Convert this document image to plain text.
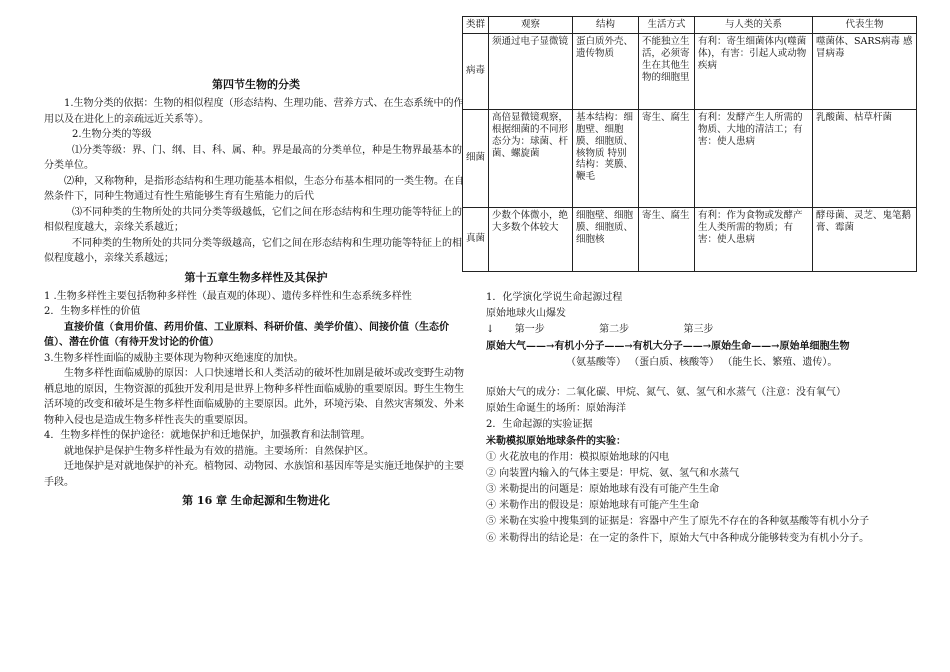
类群	观察	结构	生活方式	与人类的关系	代表生物
病毒	须通过电子显微镜	蛋白质外壳、遗传物质	不能独立生活，必须寄生在其他生物的细胞里	有利：寄生细菌体内(噬菌体)，有害：引起人或动物疾病	噬菌体、SARS病毒 感冒病毒
细菌	高倍显微镜观察，根据细菌的不同形态分为：球菌、杆菌、螺旋菌	基本结构：细胞壁、细胞膜、细胞质、核物质 特别结构：荚膜、鞭毛	寄生、腐生	有利：发酵产生人所需的物质、大地的清洁工；有害：使人患病	乳酸菌、枯草杆菌
真菌	少数个体微小，绝大多数个体较大	细胞壁、细胞膜、细胞质、细胞核	寄生、腐生	有利：作为食物或发酵产生人类所需的物质；有害：使人患病	酵母菌、灵芝、鬼笔鹅膏、霉菌
第四节生物的分类

1.生物分类的依据：生物的相似程度（形态结构、生理功能、营养方式、在生态系统中的作用以及在进化上的亲疏远近关系等）。

2.生物分类的等级

⑴分类等级：界、门、纲、目、科、属、种。界是最高的分类单位，种是生物界最基本的分类单位。

⑵种，又称物种，是指形态结构和生理功能基本相似，生态分布基本相同的一类生物。在自然条件下，同种生物通过有性生殖能够生育有生殖能力的后代

⑶不同种类的生物所处的共同分类等级越低，它们之间在形态结构和生理功能等特征上的相似程度越大，亲缘关系越近；

不同种类的生物所处的共同分类等级越高，它们之间在形态结构和生理功能等特征上的相似程度越小，亲缘关系越远；

第十五章生物多样性及其保护

1 .生物多样性主要包括物种多样性（最直观的体现）、遗传多样性和生态系统多样性

2．生物多样性的价值

直接价值（食用价值、药用价值、工业原料、科研价值、美学价值）、间接价值（生态价值）、潜在价值（有待开发讨论的价值）

3.生物多样性面临的威胁主要体现为物种灭绝速度的加快。

生物多样性面临威胁的原因：人口快速增长和人类活动的破坏性加剧是破坏或改变野生动物栖息地的原因，生物资源的孤独开发利用是世界上物种多样性面临威胁的重要原因。野生生物生活环境的改变和破坏是生物多样性面临威胁的主要原因。此外，环境污染、自然灾害频发、外来物种入侵也是造成生物多样性丧失的重要原因。

4．生物多样性的保护途径：就地保护和迁地保护，加强教育和法制管理。

就地保护是保护生物多样性最为有效的措施。主要场所：自然保护区。

迁地保护是对就地保护的补充。植物园、动物园、水族馆和基因库等是实施迁地保护的主要手段。

第 16 章 生命起源和生物进化

1．化学演化学说生命起源过程

原始地球火山爆发

↓ 第一步	第二步	第三步

原始大气——→有机小分子——→有机大分子——→原始生命——→原始单细胞生物

（氨基酸等） （蛋白质、核酸等） （能生长、繁殖、遗传）。

原始大气的成分：二氧化碳、甲烷、氮气、氨、氢气和水蒸气（注意：没有氧气）

原始生命诞生的场所：原始海洋

2．生命起源的实验证据

米勒模拟原始地球条件的实验：

① 火花放电的作用：模拟原始地球的闪电

② 向装置内输入的气体主要是：甲烷、氨、氢气和水蒸气

③ 米勒提出的问题是：原始地球有没有可能产生生命

④ 米勒作出的假设是：原始地球有可能产生生命

⑤ 米勒在实验中搜集到的证据是：容器中产生了原先不存在的各种氨基酸等有机小分子

⑥ 米勒得出的结论是：在一定的条件下，原始大气中各种成分能够转变为有机小分子。
